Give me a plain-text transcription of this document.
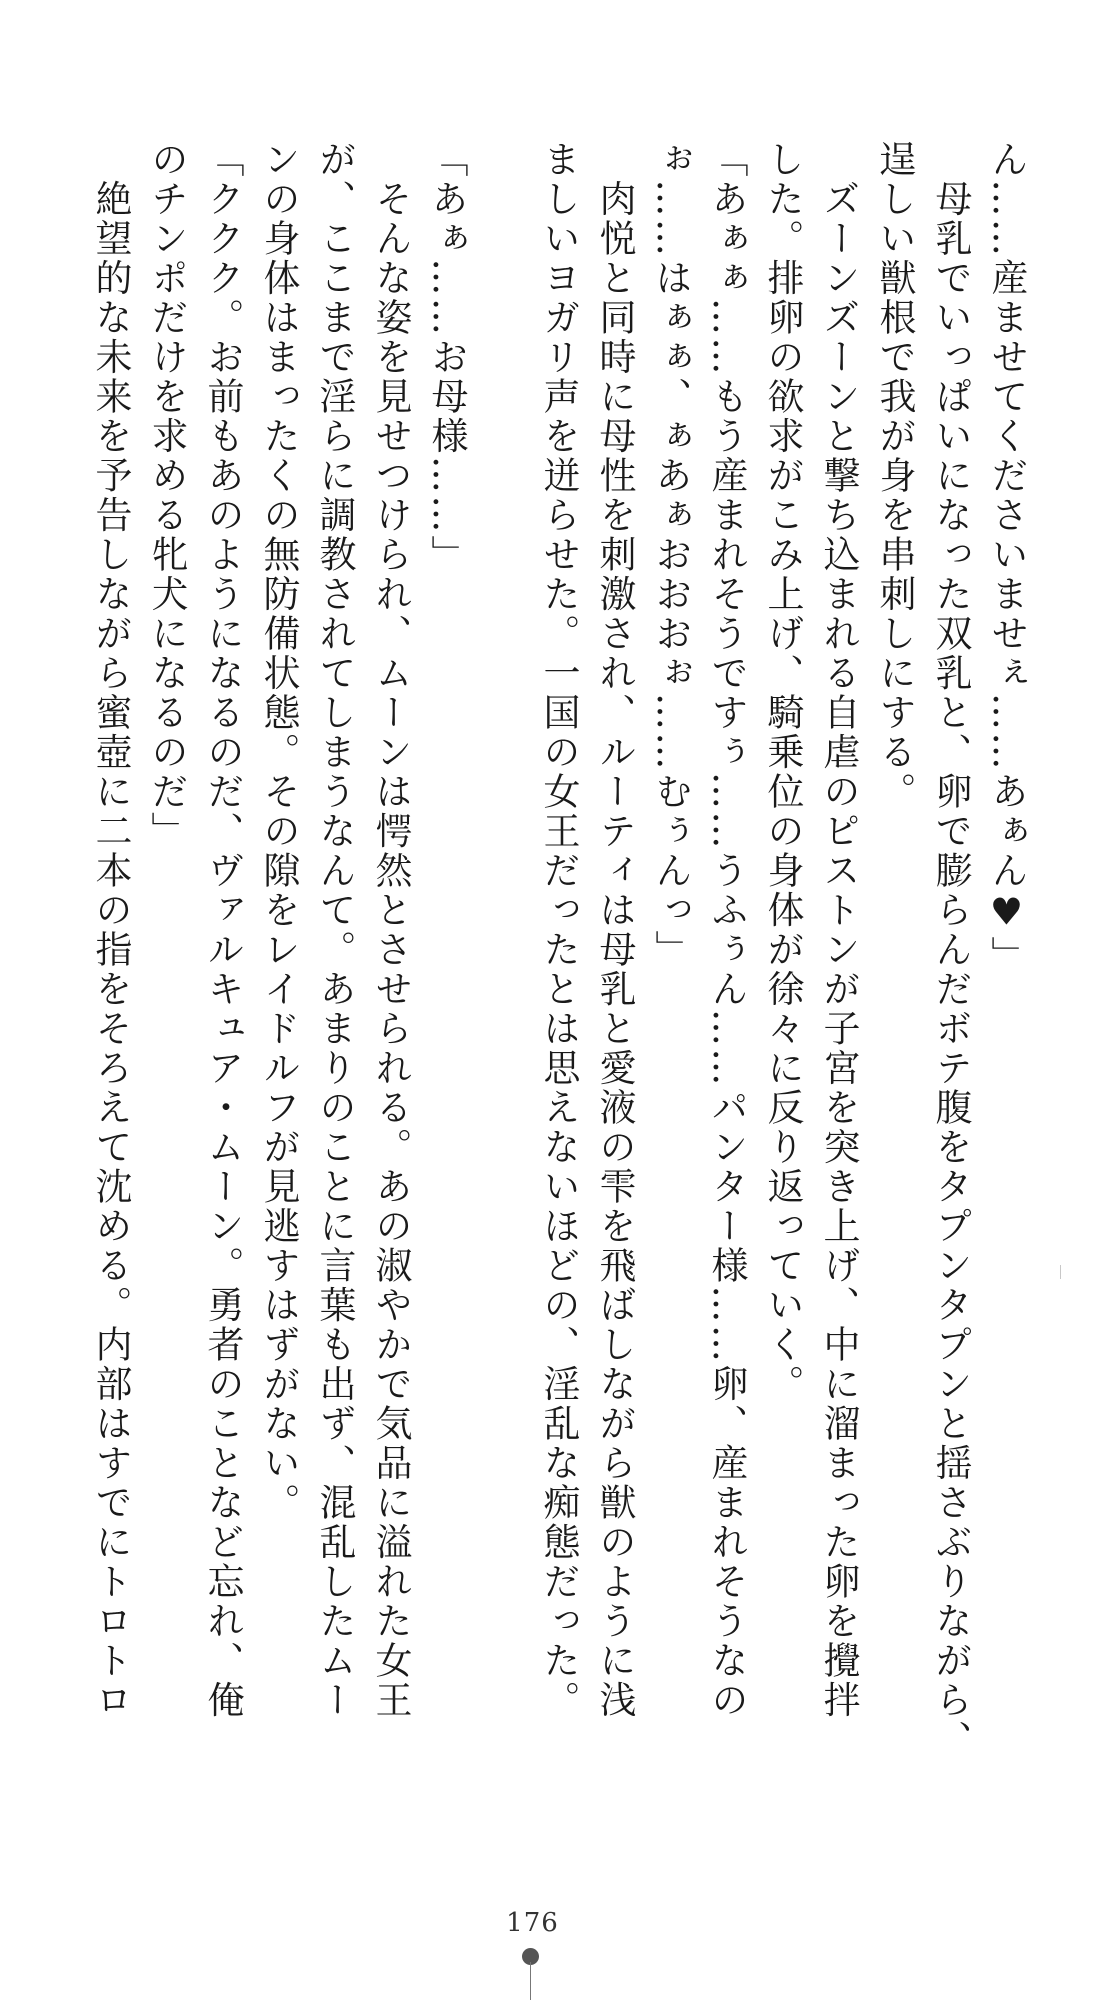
ん……産ませてくださいませぇ……あぁん♥」

　母乳でいっぱいになった双乳と、卵で膨らんだボテ腹をタプンタプンと揺さぶりながら、

逞しい獣根で我が身を串刺しにする。

　ズーンズーンと撃ち込まれる自虐のピストンが子宮を突き上げ、中に溜まった卵を攪拌

した。排卵の欲求がこみ上げ、騎乗位の身体が徐々に反り返っていく。

「あぁぁ……もう産まれそうですぅ……うふぅん……パンター様……卵、産まれそうなの

ぉ……はぁぁ、ぁあぁおおおぉ……むぅんっ」

　肉悦と同時に母性を刺激され、ルーティは母乳と愛液の雫を飛ばしながら獣のように浅

ましいヨガリ声を迸らせた。一国の女王だったとは思えないほどの、淫乱な痴態だった。

「あぁ……お母様……」

　そんな姿を見せつけられ、ムーンは愕然とさせられる。あの淑やかで気品に溢れた女王

が、ここまで淫らに調教されてしまうなんて。あまりのことに言葉も出ず、混乱したムー

ンの身体はまったくの無防備状態。その隙をレイドルフが見逃すはずがない。

「ククク。お前もあのようになるのだ、ヴァルキュア・ムーン。勇者のことなど忘れ、俺

のチンポだけを求める牝犬になるのだ」

　絶望的な未来を予告しながら蜜壺に二本の指をそろえて沈める。内部はすでにトロトロ

176
